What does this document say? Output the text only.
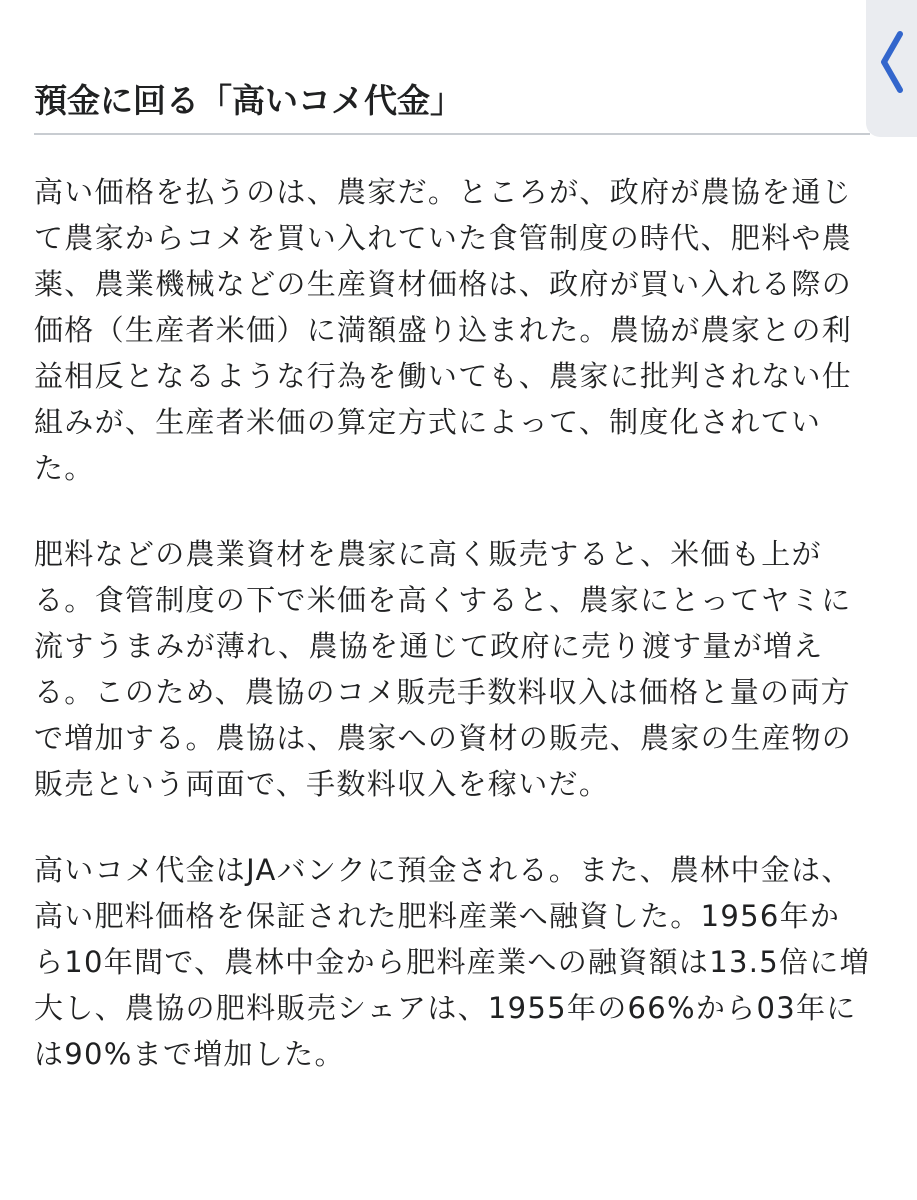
預金に回る「高いコメ代金」

高い価格を払うのは、農家だ。ところが、政府が農協を通じて農家からコメを買い入れていた食管制度の時代、肥料や農薬、農業機械などの生産資材価格は、政府が買い入れる際の価格（生産者米価）に満額盛り込まれた。農協が農家との利益相反となるような行為を働いても、農家に批判されない仕組みが、生産者米価の算定方式によって、制度化されていた。

肥料などの農業資材を農家に高く販売すると、米価も上がる。食管制度の下で米価を高くすると、農家にとってヤミに流すうまみが薄れ、農協を通じて政府に売り渡す量が増える。このため、農協のコメ販売手数料収入は価格と量の両方で増加する。農協は、農家への資材の販売、農家の生産物の販売という両面で、手数料収入を稼いだ。

高いコメ代金はJAバンクに預金される。また、農林中金は、高い肥料価格を保証された肥料産業へ融資した。1956年から10年間で、農林中金から肥料産業への融資額は13.5倍に増大し、農協の肥料販売シェアは、1955年の66%から03年には90%まで増加した。
